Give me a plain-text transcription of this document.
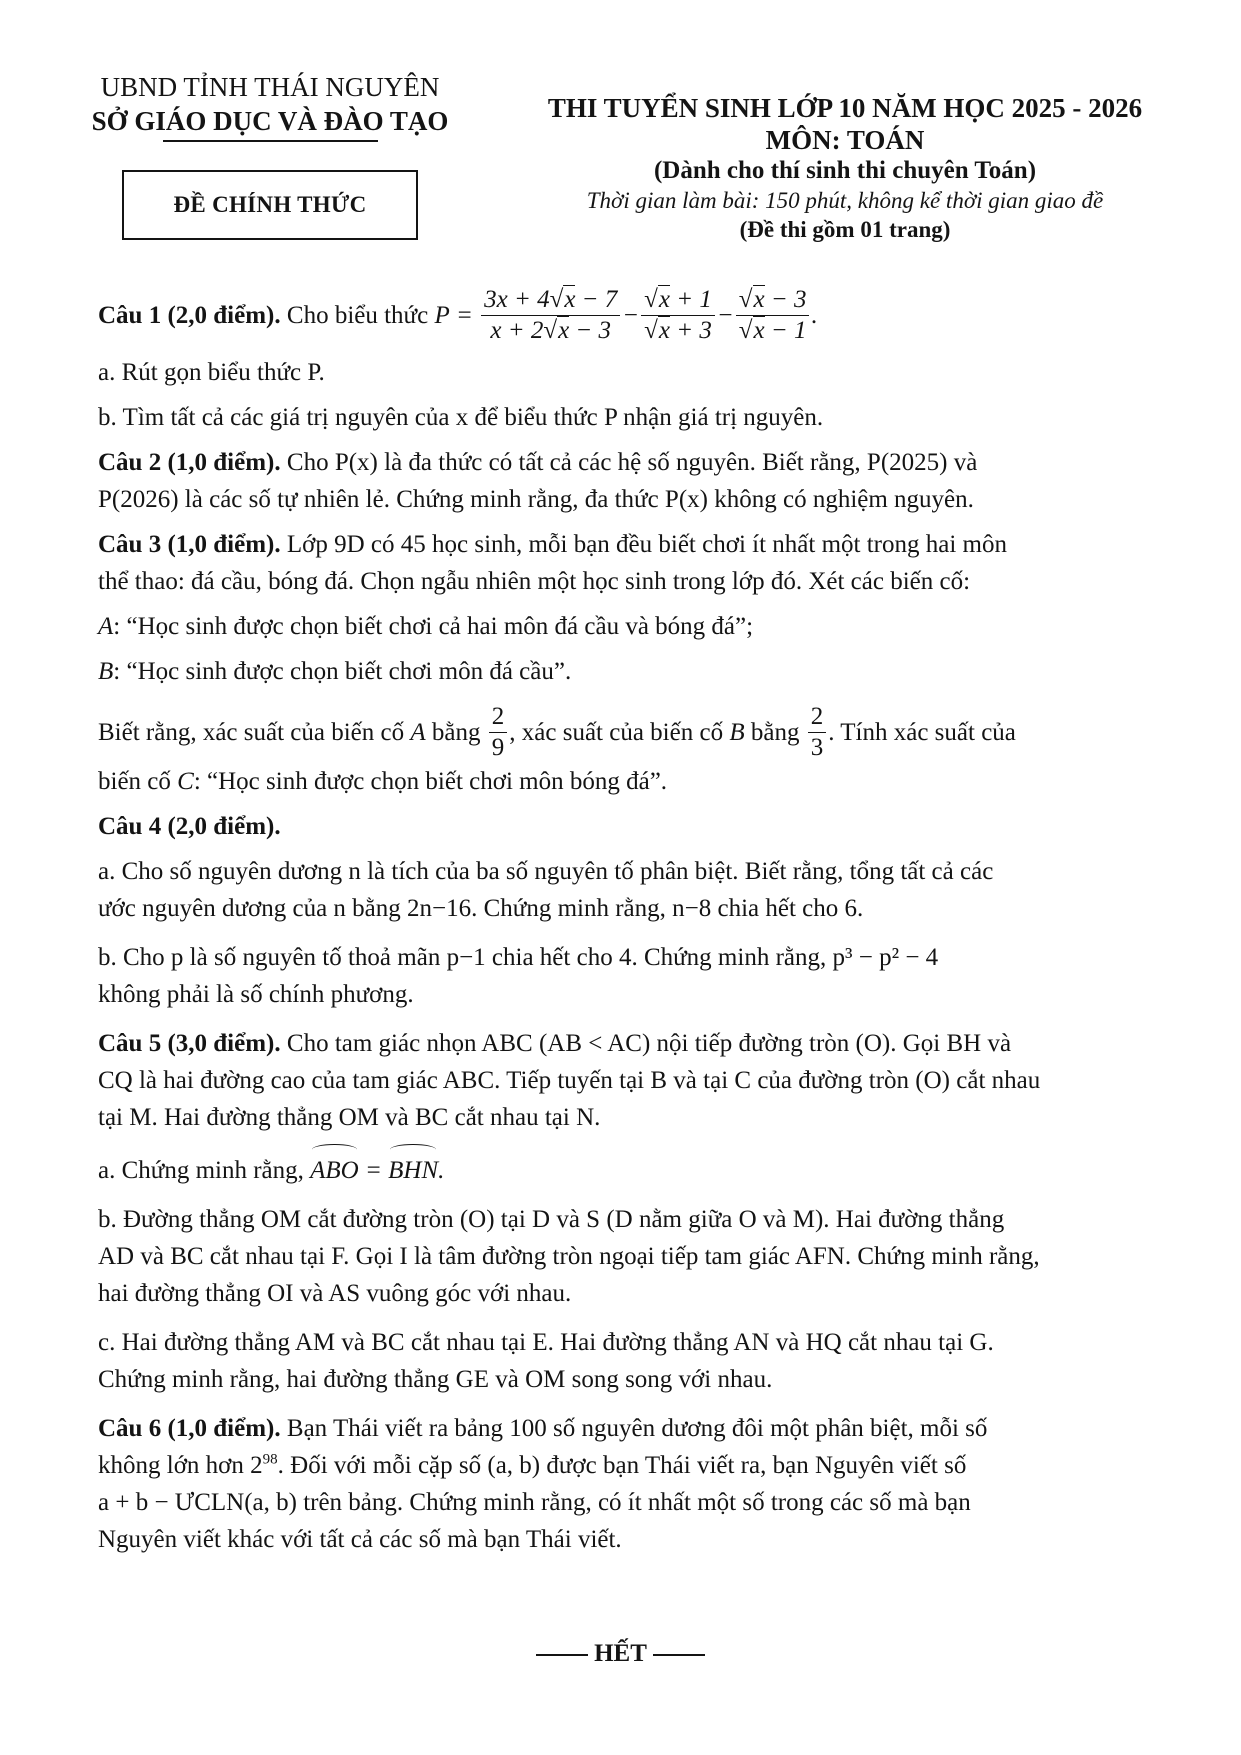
UBND TỈNH THÁI NGUYÊN
SỞ GIÁO DỤC VÀ ĐÀO TẠO
ĐỀ CHÍNH THỨC
THI TUYỂN SINH LỚP 10 NĂM HỌC 2025 - 2026
MÔN: TOÁN
(Dành cho thí sinh thi chuyên Toán)
Thời gian làm bài: 150 phút, không kể thời gian giao đề
(Đề thi gồm 01 trang)
Câu 1 (2,0 điểm).
Cho biểu thức
$P = \frac{3x + 4√x - 7}{x + 2√x - 3} - \frac{√x + 1}{√x + 3} - \frac{√x - 3}{√x - 1}$ .

a. Rút gọn biểu thức P.

b. Tìm tất cả các giá trị nguyên của x để biểu thức P nhận giá trị nguyên.

Câu 2 (1,0 điểm). Cho P(x) là đa thức có tất cả các hệ số nguyên. Biết rằng, P(2025) và

P(2026) là các số tự nhiên lẻ. Chứng minh rằng, đa thức P(x) không có nghiệm nguyên.

Câu 3 (1,0 điểm). Lớp 9D có 45 học sinh, mỗi bạn đều biết chơi ít nhất một trong hai môn

thể thao: đá cầu, bóng đá. Chọn ngẫu nhiên một học sinh trong lớp đó. Xét các biến cố:

A: “Học sinh được chọn biết chơi cả hai môn đá cầu và bóng đá”;

B: “Học sinh được chọn biết chơi môn đá cầu”.

Biết rằng, xác suất của biến cố
A
bằng
$\frac{2}{9}$ , xác suất của biến cố
B
bằng
$\frac{2}{3}$ . Tính xác suất của

biến cố C: “Học sinh được chọn biết chơi môn bóng đá”.

Câu 4 (2,0 điểm).

a. Cho số nguyên dương n là tích của ba số nguyên tố phân biệt. Biết rằng, tổng tất cả các

ước nguyên dương của n bằng 2n−16. Chứng minh rằng, n−8 chia hết cho 6.

b. Cho p là số nguyên tố thoả mãn p−1 chia hết cho 4. Chứng minh rằng, p³ − p² − 4

không phải là số chính phương.

Câu 5 (3,0 điểm). Cho tam giác nhọn ABC (AB < AC) nội tiếp đường tròn (O). Gọi BH và

CQ là hai đường cao của tam giác ABC. Tiếp tuyến tại B và tại C của đường tròn (O) cắt nhau

tại M. Hai đường thẳng OM và BC cắt nhau tại N.

a. Chứng minh rằng, ABO = BHN.

b. Đường thẳng OM cắt đường tròn (O) tại D và S (D nằm giữa O và M). Hai đường thẳng

AD và BC cắt nhau tại F. Gọi I là tâm đường tròn ngoại tiếp tam giác AFN. Chứng minh rằng,

hai đường thẳng OI và AS vuông góc với nhau.

c. Hai đường thẳng AM và BC cắt nhau tại E. Hai đường thẳng AN và HQ cắt nhau tại G.

Chứng minh rằng, hai đường thẳng GE và OM song song với nhau.

Câu 6 (1,0 điểm). Bạn Thái viết ra bảng 100 số nguyên dương đôi một phân biệt, mỗi số

không lớn hơn $2^{98}$. Đối với mỗi cặp số (a, b) được bạn Thái viết ra, bạn Nguyên viết số

a + b − ƯCLN(a, b) trên bảng. Chứng minh rằng, có ít nhất một số trong các số mà bạn

Nguyên viết khác với tất cả các số mà bạn Thái viết.

HẾT
